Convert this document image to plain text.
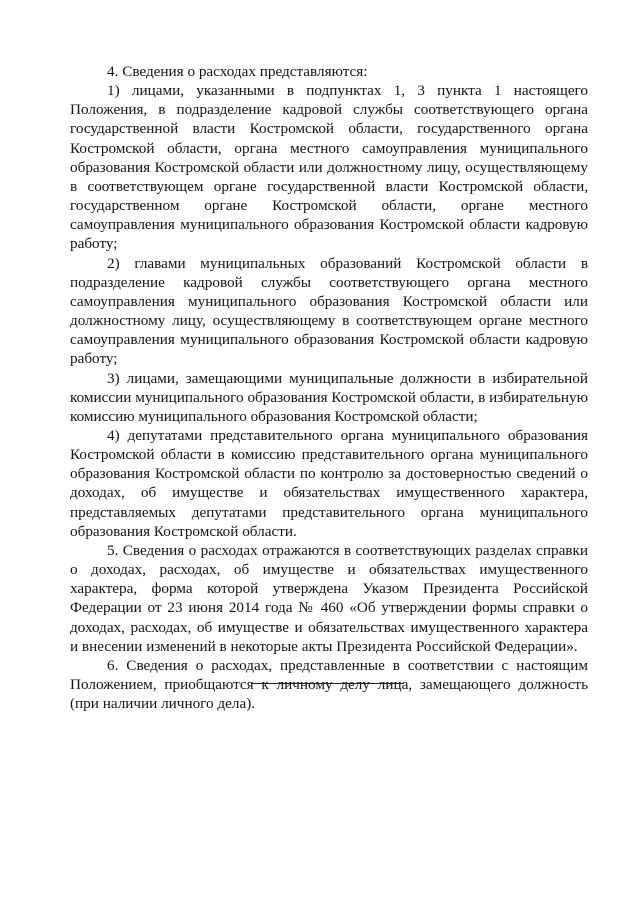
4. Сведения о расходах представляются:

1) лицами, указанными в подпунктах 1, 3 пункта 1 настоящего Положения, в подразделение кадровой службы соответствующего органа государственной власти Костромской области, государственного органа Костромской области, органа местного самоуправления муниципального образования Костромской области или должностному лицу, осуществляющему в соответствующем органе государственной власти Костромской области, государственном органе Костромской области, органе местного самоуправления муниципального образования Костромской области кадровую работу;

2) главами муниципальных образований Костромской области в подразделение кадровой службы соответствующего органа местного самоуправления муниципального образования Костромской области или должностному лицу, осуществляющему в соответствующем органе местного самоуправления муниципального образования Костромской области кадровую работу;

3) лицами, замещающими муниципальные должности в избирательной комиссии муниципального образования Костромской области, в избирательную комиссию муниципального образования Костромской области;

4) депутатами представительного органа муниципального образования Костромской области в комиссию представительного органа муниципального образования Костромской области по контролю за достоверностью сведений о доходах, об имуществе и обязательствах имущественного характера, представляемых депутатами представительного органа муниципального образования Костромской области.

5. Сведения о расходах отражаются в соответствующих разделах справки о доходах, расходах, об имуществе и обязательствах имущественного характера, форма которой утверждена Указом Президента Российской Федерации от 23 июня 2014 года № 460 «Об утверждении формы справки о доходах, расходах, об имуществе и обязательствах имущественного характера и внесении изменений в некоторые акты Президента Российской Федерации».

6. Сведения о расходах, представленные в соответствии с настоящим Положением, приобщаются к личному делу лица, замещающего должность (при наличии личного дела).
